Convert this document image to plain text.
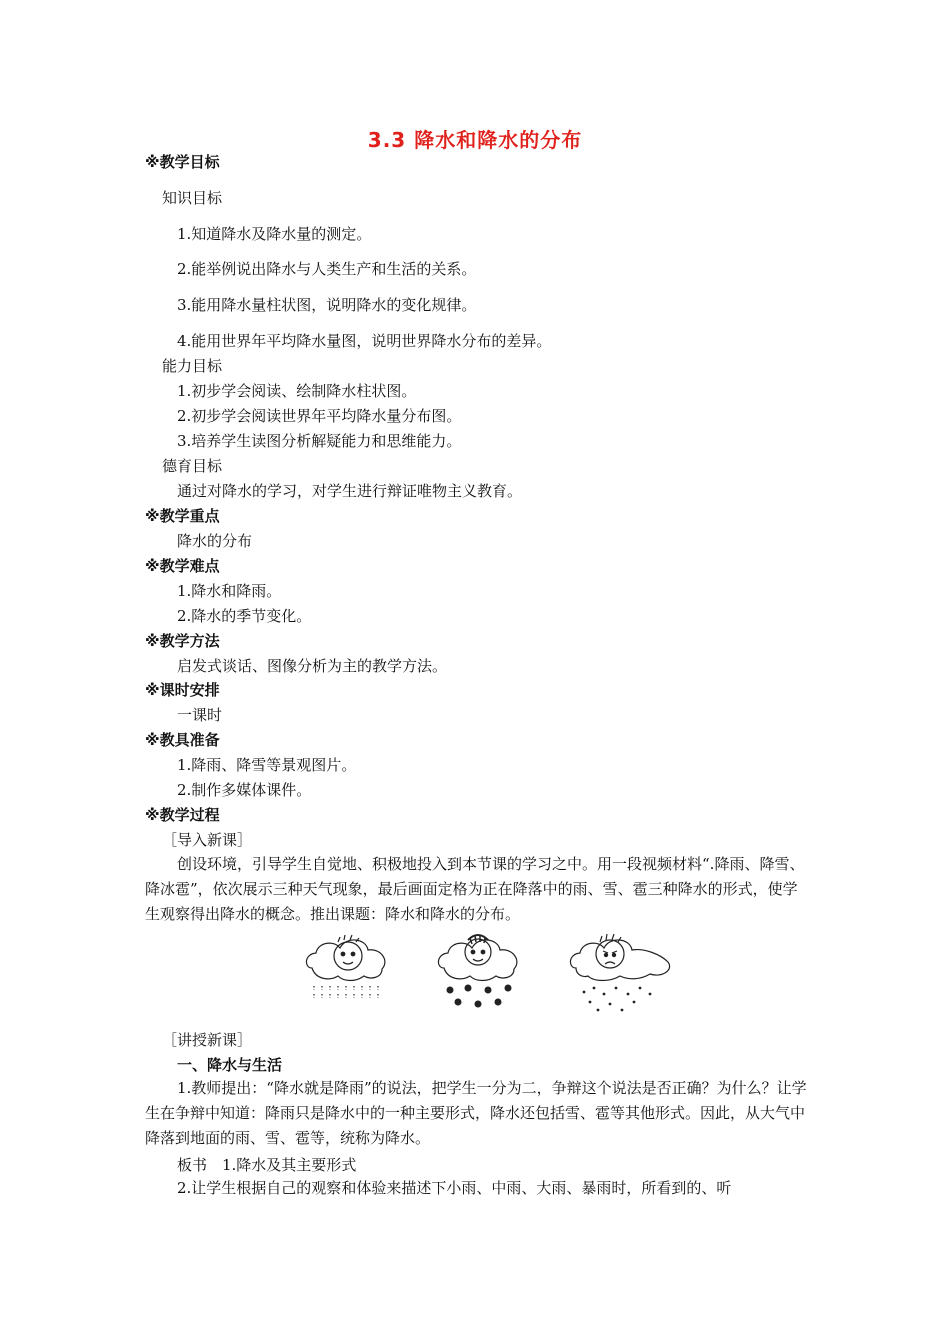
3.3 降水和降水的分布
※教学目标
知识目标
1.知道降水及降水量的测定。
2.能举例说出降水与人类生产和生活的关系。
3.能用降水量柱状图，说明降水的变化规律。
4.能用世界年平均降水量图，说明世界降水分布的差异。
能力目标
1.初步学会阅读、绘制降水柱状图。
2.初步学会阅读世界年平均降水量分布图。
3.培养学生读图分析解疑能力和思维能力。
德育目标
通过对降水的学习，对学生进行辩证唯物主义教育。
※教学重点
降水的分布
※教学难点
1.降水和降雨。
2.降水的季节变化。
※教学方法
启发式谈话、图像分析为主的教学方法。
※课时安排
一课时
※教具准备
1.降雨、降雪等景观图片。
2.制作多媒体课件。
※教学过程
［导入新课］
创设环境，引导学生自觉地、积极地投入到本节课的学习之中。用一段视频材料“.降雨、降雪、降冰雹”，依次展示三种天气现象，最后画面定格为正在降落中的雨、雪、雹三种降水的形式，使学生观察得出降水的概念。推出课题：降水和降水的分布。
［讲授新课］
一、降水与生活
1.教师提出：“降水就是降雨”的说法，把学生一分为二，争辩这个说法是否正确？为什么？让学生在争辩中知道：降雨只是降水中的一种主要形式，降水还包括雪、雹等其他形式。因此，从大气中降落到地面的雨、雪、雹等，统称为降水。
板书　1.降水及其主要形式
2.让学生根据自己的观察和体验来描述下小雨、中雨、大雨、暴雨时，所看到的、听
